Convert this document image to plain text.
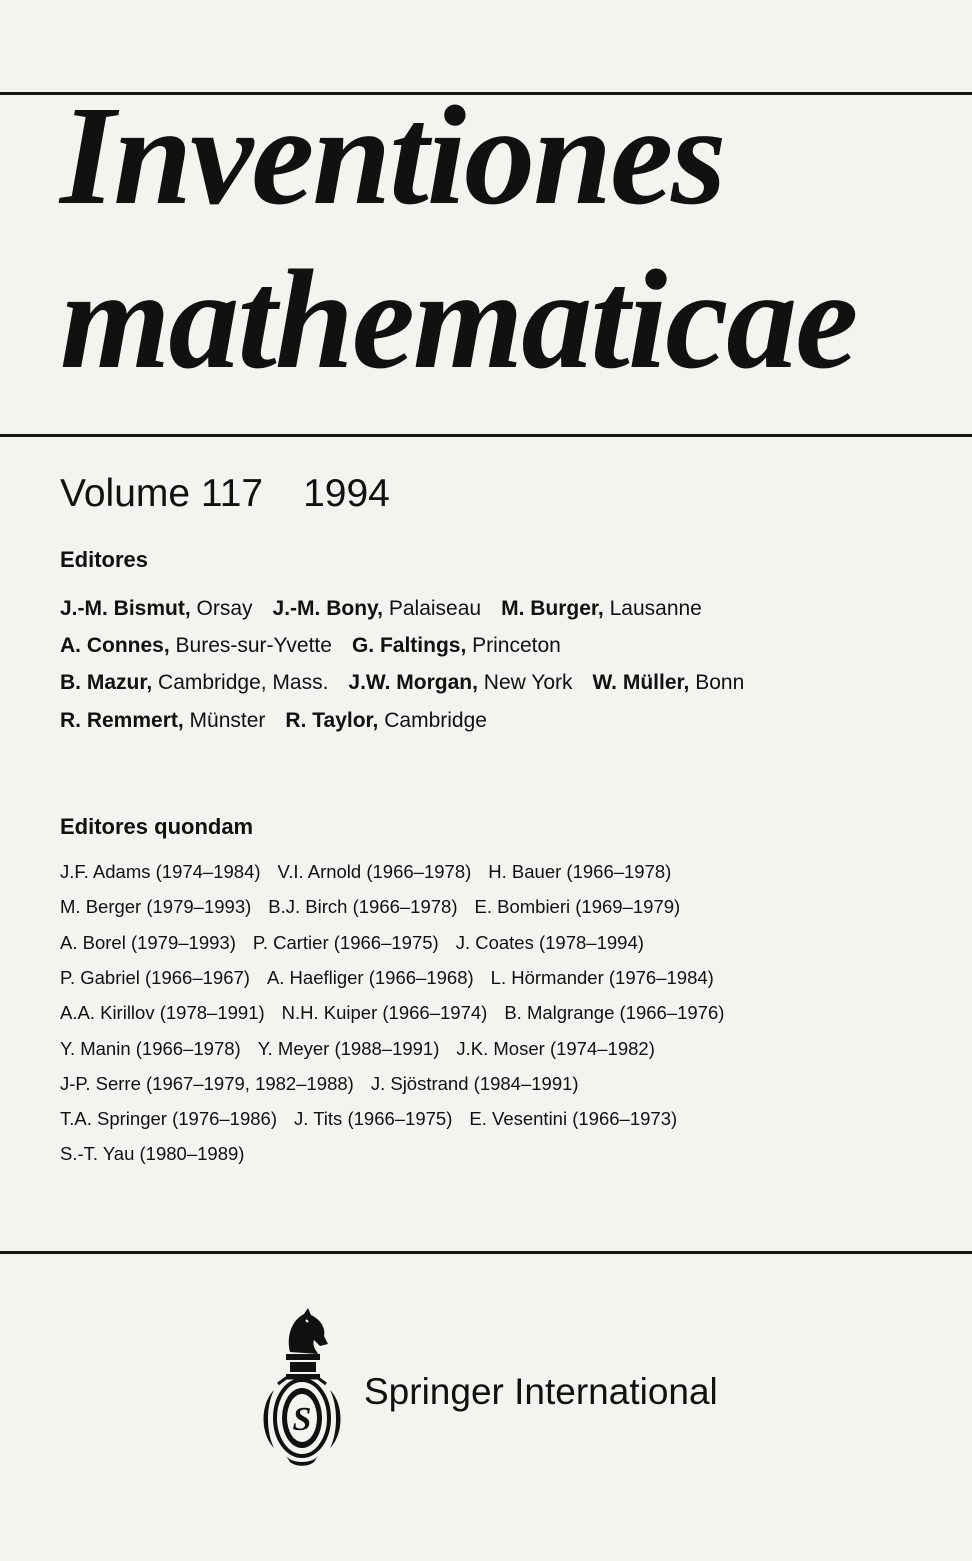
Inventiones
mathematicae
Volume 117 1994
Editores
J.-M. Bismut, Orsay J.-M. Bony, Palaiseau M. Burger, Lausanne
A. Connes, Bures-sur-Yvette G. Faltings, Princeton
B. Mazur, Cambridge, Mass. J.W. Morgan, New York W. Müller, Bonn
R. Remmert, Münster R. Taylor, Cambridge
Editores quondam
J.F. Adams (1974–1984) V.I. Arnold (1966–1978) H. Bauer (1966–1978)
M. Berger (1979–1993) B.J. Birch (1966–1978) E. Bombieri (1969–1979)
A. Borel (1979–1993) P. Cartier (1966–1975) J. Coates (1978–1994)
P. Gabriel (1966–1967) A. Haefliger (1966–1968) L. Hörmander (1976–1984)
A.A. Kirillov (1978–1991) N.H. Kuiper (1966–1974) B. Malgrange (1966–1976)
Y. Manin (1966–1978) Y. Meyer (1988–1991) J.K. Moser (1974–1982)
J-P. Serre (1967–1979, 1982–1988) J. Sjöstrand (1984–1991)
T.A. Springer (1976–1986) J. Tits (1966–1975) E. Vesentini (1966–1973)
S.-T. Yau (1980–1989)
S
Springer International
